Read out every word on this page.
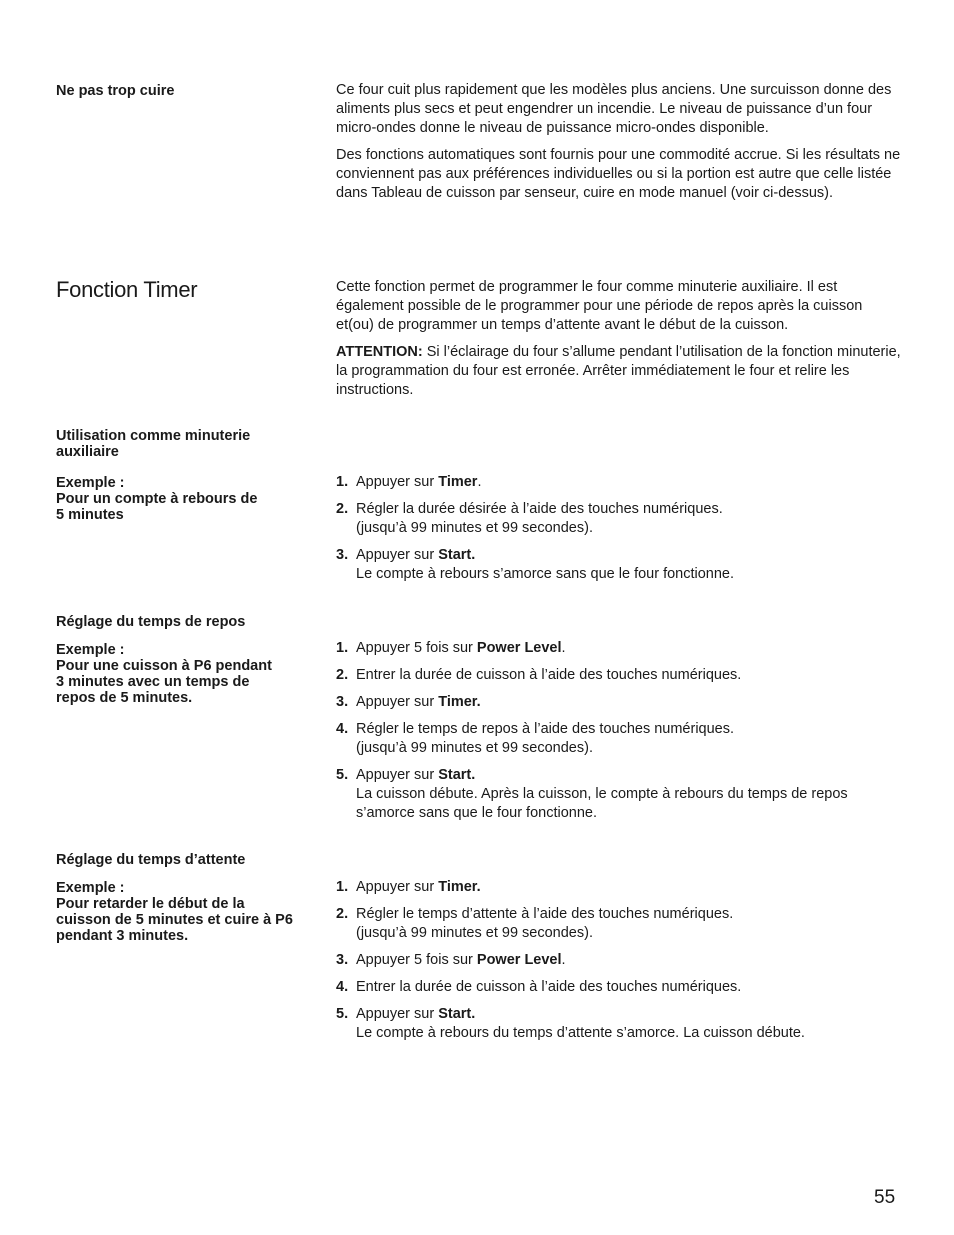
Ne pas trop cuire	Ce four cuit plus rapidement que les modèles plus anciens. Une surcuisson donne des aliments plus secs et peut engendrer un incendie. Le niveau de puissance d’un four micro-ondes donne le niveau de puissance micro-ondes disponible.

Des fonctions automatiques sont fournis pour une commodité accrue. Si les résultats ne conviennent pas aux préférences individuelles ou si la portion est autre que celle listée dans Tableau de cuisson par senseur, cuire en mode manuel (voir ci-dessus).

Fonction Timer	Cette fonction permet de programmer le four comme minuterie auxiliaire. Il est également possible de le programmer pour une période de repos après la cuisson et(ou) de programmer un temps d’attente avant le début de la cuisson.

ATTENTION: Si l’éclairage du four s’allume pendant l’utilisation de la fonction minuterie, la programmation du four est erronée. Arrêter immédiatement le four et relire les instructions.

Utilisation comme minuterie
auxiliaire
Exemple :
Pour un compte à rebours de
5 minutes
1. Appuyer sur Timer.
2. Régler la durée désirée à l’aide des touches numériques.
(jusqu’à 99 minutes et 99 secondes).
3. Appuyer sur Start.
Le compte à rebours s’amorce sans que le four fonctionne.
Réglage du temps de repos
Exemple :
Pour une cuisson à P6 pendant
3 minutes avec un temps de
repos de 5 minutes.
1. Appuyer 5 fois sur Power Level.
2. Entrer la durée de cuisson à l’aide des touches numériques.
3. Appuyer sur Timer.
4. Régler le temps de repos à l’aide des touches numériques.
(jusqu’à 99 minutes et 99 secondes).
5. Appuyer sur Start.
La cuisson débute. Après la cuisson, le compte à rebours du temps de repos s’amorce sans que le four fonctionne.
Réglage du temps d’attente
Exemple :
Pour retarder le début de la
cuisson de 5 minutes et cuire à P6
pendant 3 minutes.
1. Appuyer sur Timer.
2. Régler le temps d’attente à l’aide des touches numériques.
(jusqu’à 99 minutes et 99 secondes).
3. Appuyer 5 fois sur Power Level.
4. Entrer la durée de cuisson à l’aide des touches numériques.
5. Appuyer sur Start.
Le compte à rebours du temps d’attente s’amorce. La cuisson débute.
55
